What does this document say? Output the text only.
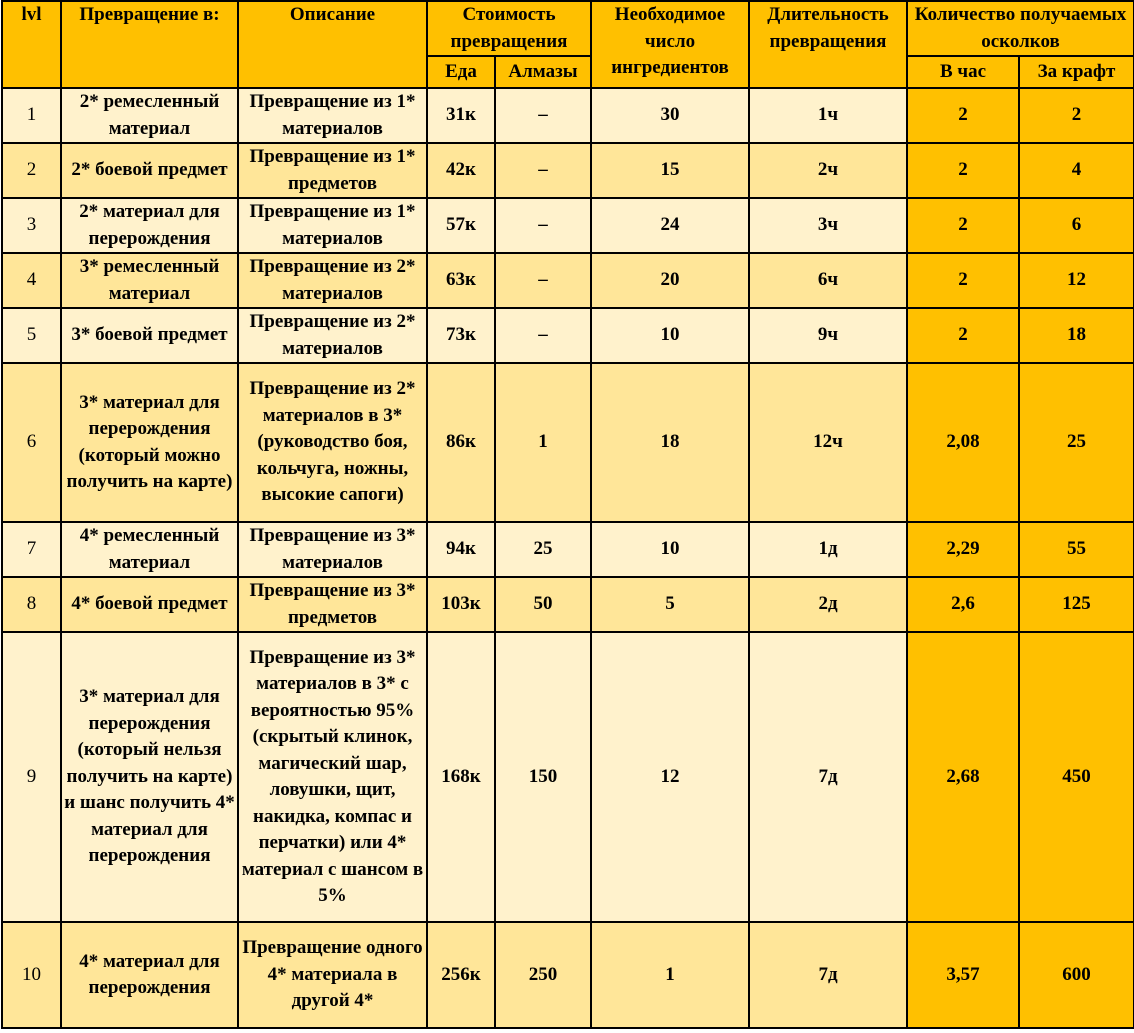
lvl	Превращение в:	Описание	Стоимость превращения		Необходимое число ингредиентов	Длительность превращения	Количество получаемых осколков	
			Еда	Алмазы			В час	За крафт
1	2* ремесленный материал	Превращение из 1* материалов	31к	–	30	1ч	2	2
2	2* боевой предмет	Превращение из 1* предметов	42к	–	15	2ч	2	4
3	2* материал для перерождения	Превращение из 1* материалов	57к	–	24	3ч	2	6
4	3* ремесленный материал	Превращение из 2* материалов	63к	–	20	6ч	2	12
5	3* боевой предмет	Превращение из 2* материалов	73к	–	10	9ч	2	18
6	3* материал для перерождения (который можно получить на карте)	Превращение из 2* материалов в 3* (руководство боя, кольчуга, ножны, высокие сапоги)	86к	1	18	12ч	2,08	25
7	4* ремесленный материал	Превращение из 3* материалов	94к	25	10	1д	2,29	55
8	4* боевой предмет	Превращение из 3* предметов	103к	50	5	2д	2,6	125
9	3* материал для перерождения (который нельзя получить на карте) и шанс получить 4* материал для перерождения	Превращение из 3* материалов в 3* с вероятностью 95% (скрытый клинок, магический шар, ловушки, щит, накидка, компас и перчатки) или 4* материал с шансом в 5%	168к	150	12	7д	2,68	450
10	4* материал для перерождения	Превращение одного 4* материала в другой 4*	256к	250	1	7д	3,57	600
